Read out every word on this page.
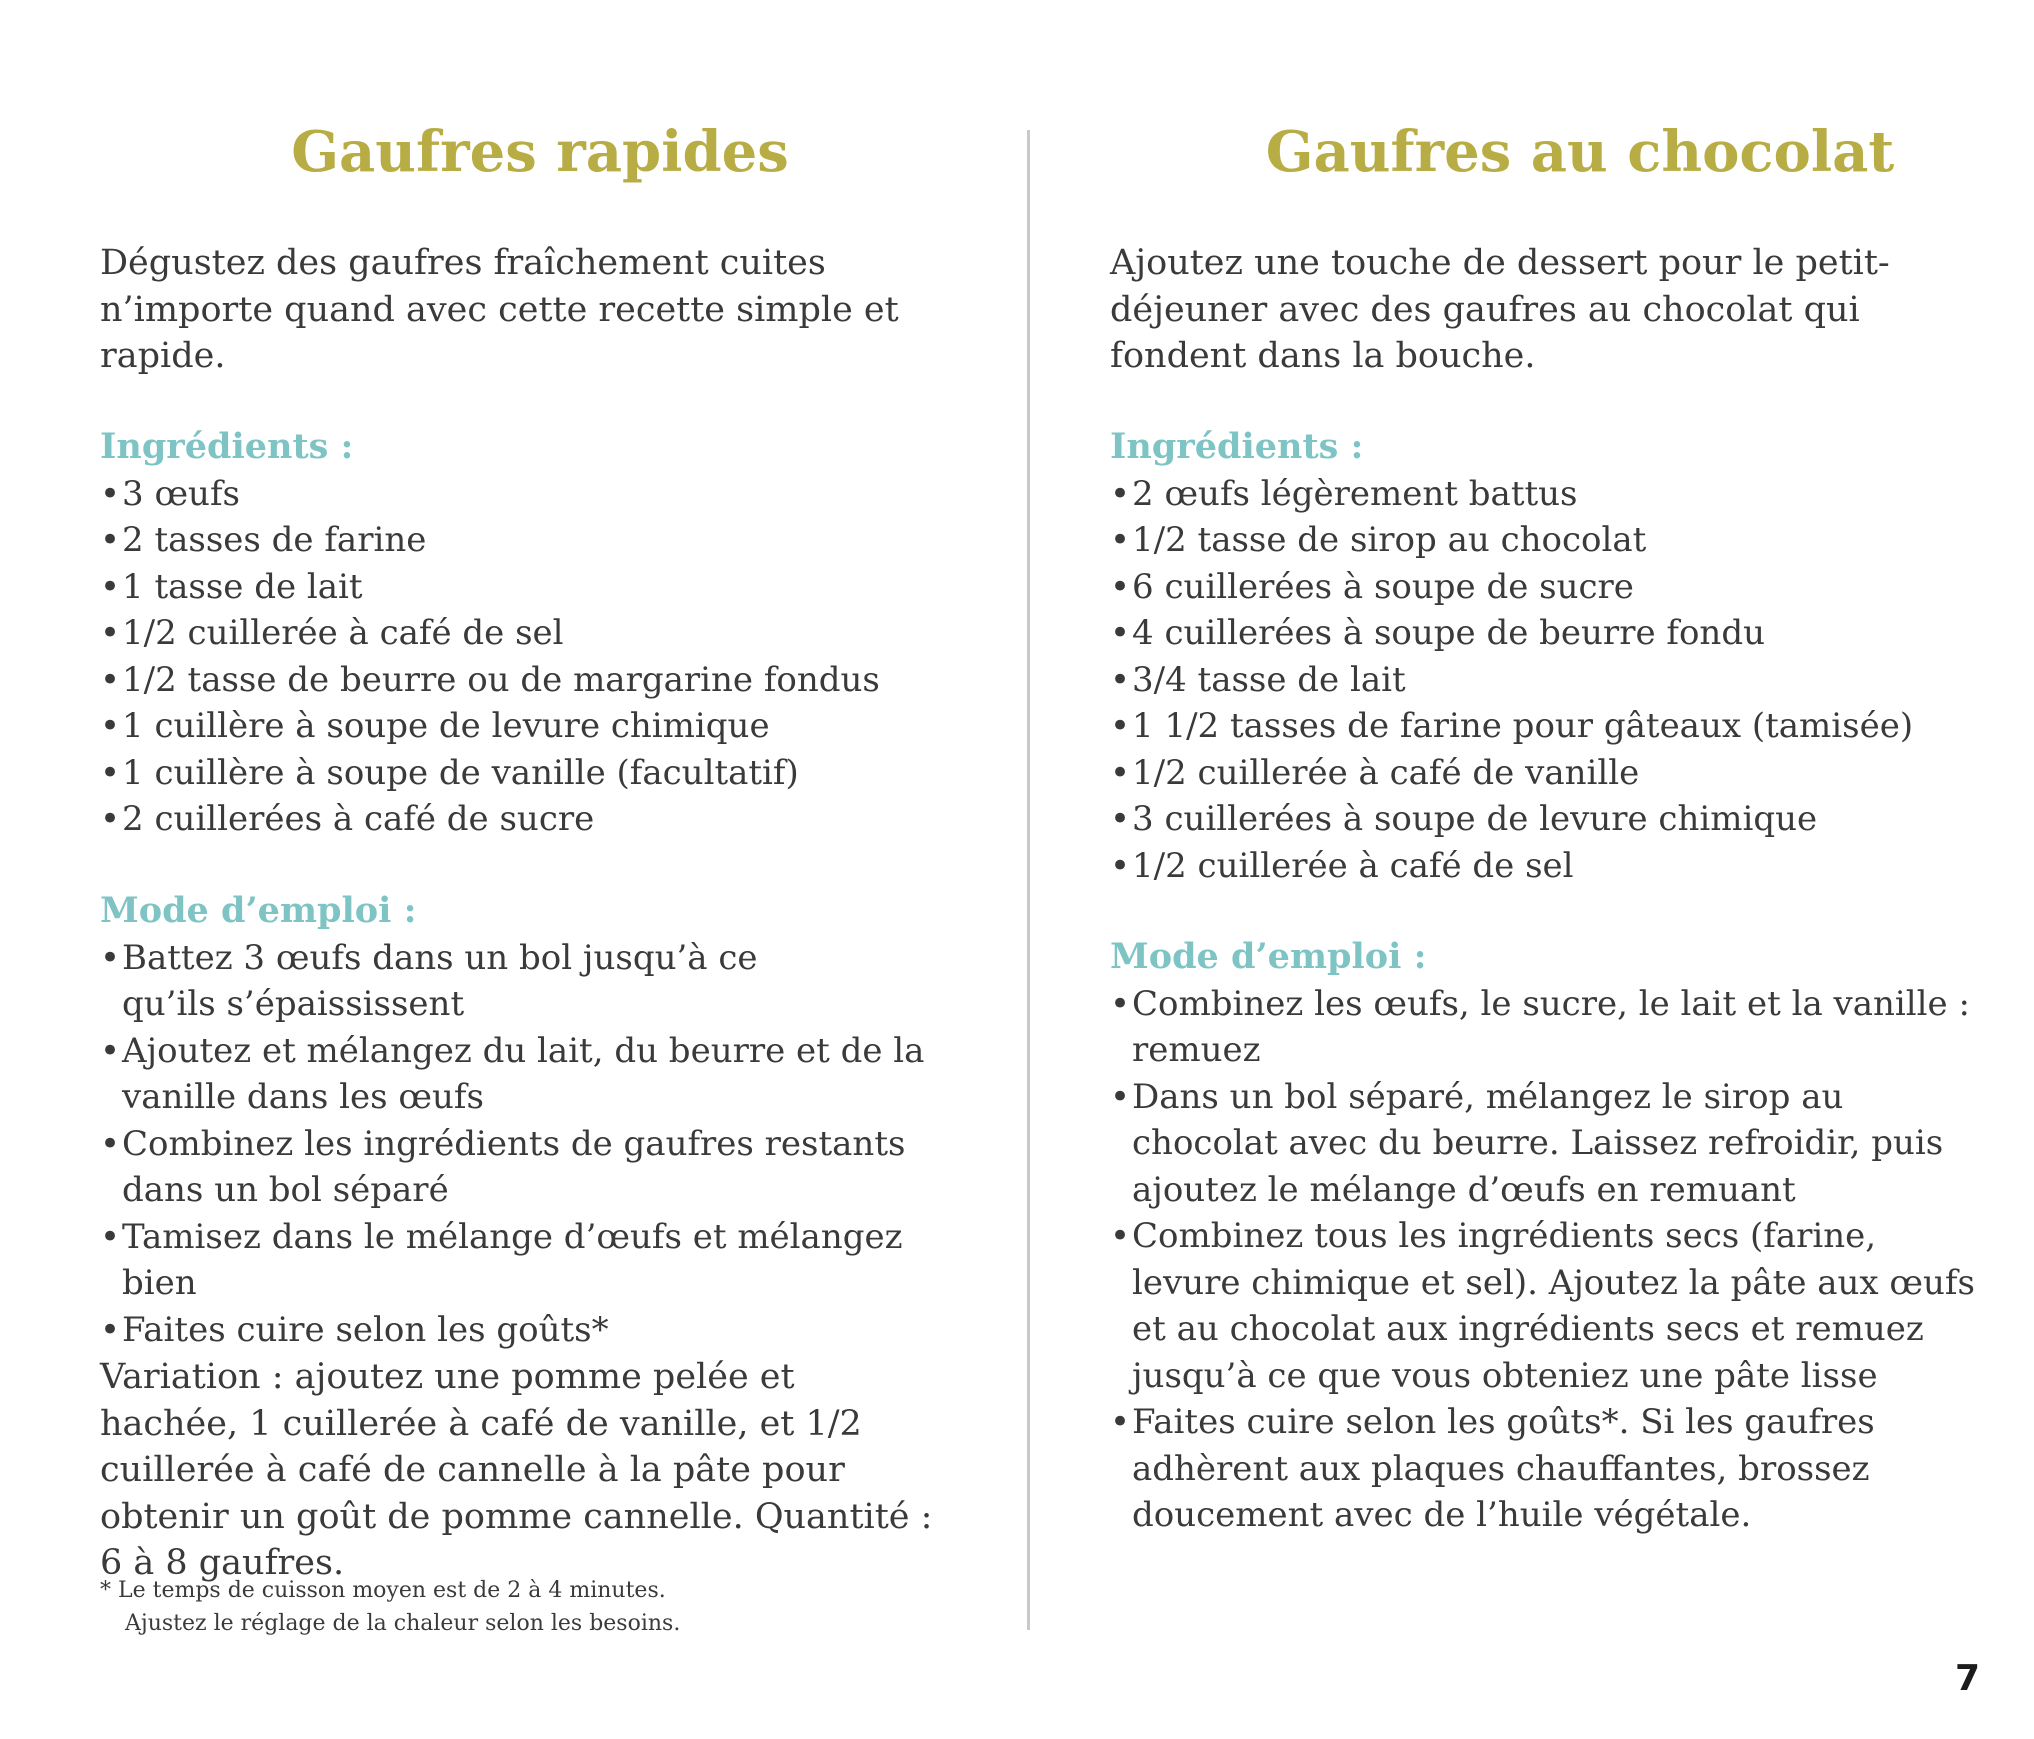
Gaufres rapides

Dégustez des gaufres fraîchement cuites n’importe quand avec cette recette simple et rapide.

Ingrédients :

• 3 œufs
• 2 tasses de farine
• 1 tasse de lait
• 1/2 cuillerée à café de sel
• 1/2 tasse de beurre ou de margarine fondus
• 1 cuillère à soupe de levure chimique
• 1 cuillère à soupe de vanille (facultatif)
• 2 cuillerées à café de sucre

Mode d’emploi :

• Battez 3 œufs dans un bol jusqu’à ce qu’ils s’épaississent
• Ajoutez et mélangez du lait, du beurre et de la vanille dans les œufs
• Combinez les ingrédients de gaufres restants dans un bol séparé
• Tamisez dans le mélange d’œufs et mélangez bien
• Faites cuire selon les goûts*

Variation : ajoutez une pomme pelée et hachée, 1 cuillerée à café de vanille, et 1/2 cuillerée à café de cannelle à la pâte pour obtenir un goût de pomme cannelle. Quantité : 6 à 8 gaufres.

* Le temps de cuisson moyen est de 2 à 4 minutes.
Ajustez le réglage de la chaleur selon les besoins.

Gaufres au chocolat

Ajoutez une touche de dessert pour le petit-déjeuner avec des gaufres au chocolat qui fondent dans la bouche.

Ingrédients :

• 2 œufs légèrement battus
• 1/2 tasse de sirop au chocolat
• 6 cuillerées à soupe de sucre
• 4 cuillerées à soupe de beurre fondu
• 3/4 tasse de lait
• 1 1/2 tasses de farine pour gâteaux (tamisée)
• 1/2 cuillerée à café de vanille
• 3 cuillerées à soupe de levure chimique
• 1/2 cuillerée à café de sel

Mode d’emploi :

• Combinez les œufs, le sucre, le lait et la vanille : remuez
• Dans un bol séparé, mélangez le sirop au chocolat avec du beurre. Laissez refroidir, puis ajoutez le mélange d’œufs en remuant
• Combinez tous les ingrédients secs (farine, levure chimique et sel). Ajoutez la pâte aux œufs et au chocolat aux ingrédients secs et remuez jusqu’à ce que vous obteniez une pâte lisse
• Faites cuire selon les goûts*. Si les gaufres adhèrent aux plaques chauffantes, brossez doucement avec de l’huile végétale.
7
